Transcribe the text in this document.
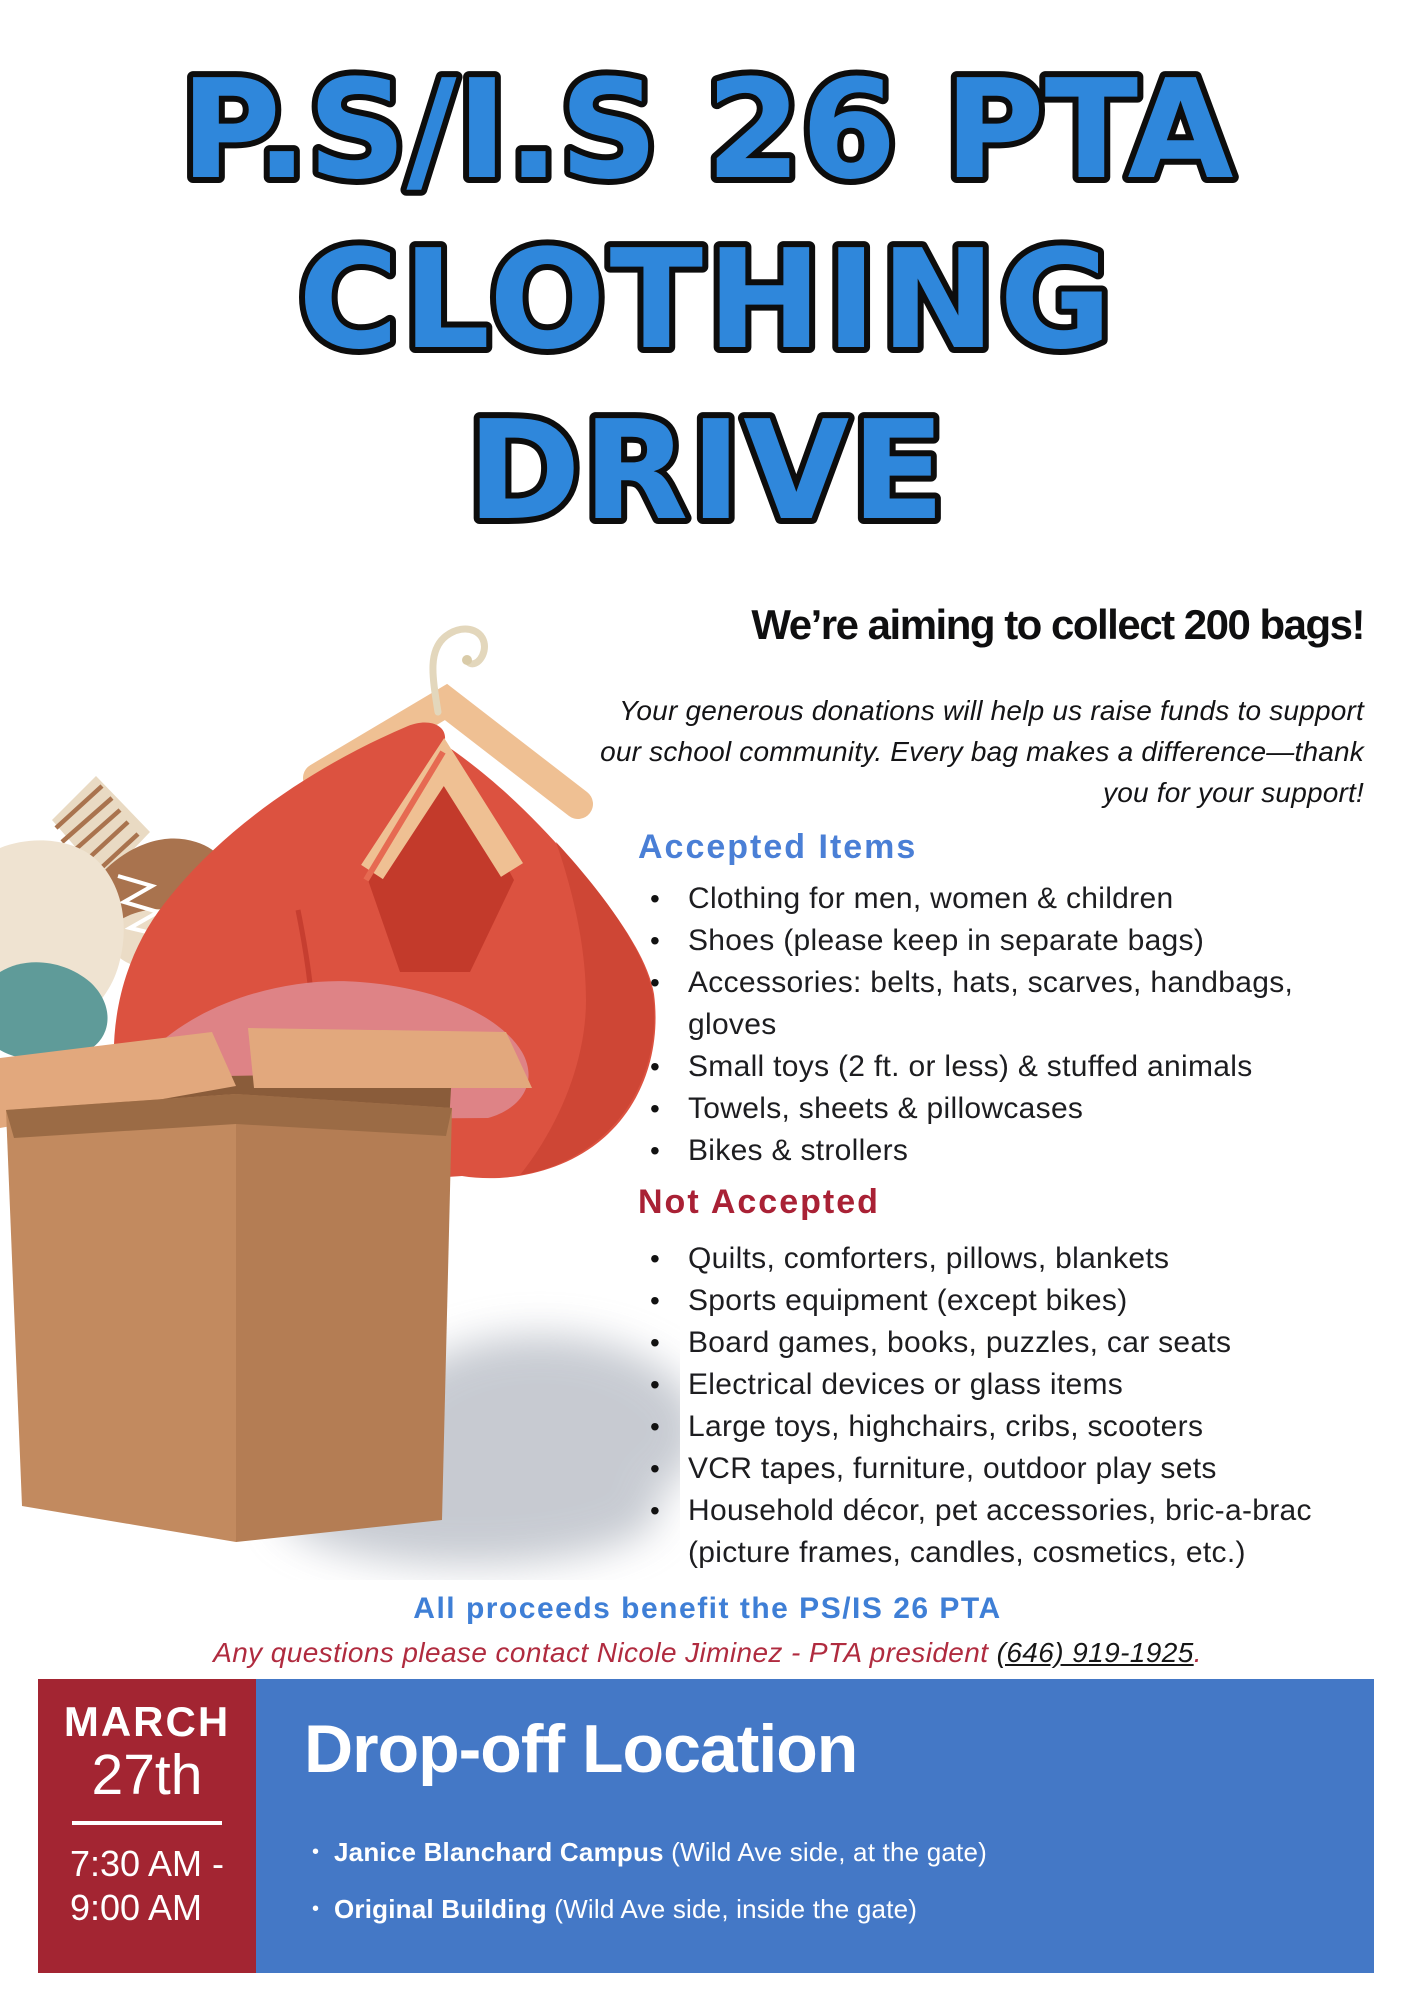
P.S/I.S 26 PTA
CLOTHING
DRIVE
We’re aiming to collect 200 bags!
Your generous donations will help us raise funds to support
our school community. Every bag makes a difference—thank
you for your support!
Accepted Items
• Clothing for men, women & children
• Shoes (please keep in separate bags)
• Accessories: belts, hats, scarves, handbags, gloves
• Small toys (2 ft. or less) & stuffed animals
• Towels, sheets & pillowcases
• Bikes & strollers
Not Accepted
• Quilts, comforters, pillows, blankets
• Sports equipment (except bikes)
• Board games, books, puzzles, car seats
• Electrical devices or glass items
• Large toys, highchairs, cribs, scooters
• VCR tapes, furniture, outdoor play sets
• Household décor, pet accessories, bric-a-brac (picture frames, candles, cosmetics, etc.)
All proceeds benefit the PS/IS 26 PTA
Any questions please contact Nicole Jiminez - PTA president (646) 919-1925.
MARCH
27th
7:30 AM -
9:00 AM
Drop-off Location
• Janice Blanchard Campus (Wild Ave side, at the gate)
• Original Building (Wild Ave side, inside the gate)
